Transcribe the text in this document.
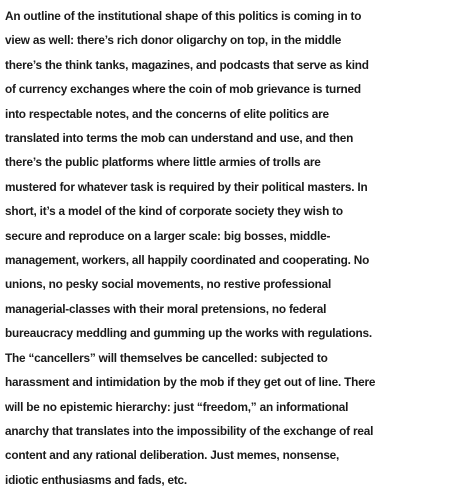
An outline of the institutional shape of this politics is coming in to
view as well: there’s rich donor oligarchy on top, in the middle
there’s the think tanks, magazines, and podcasts that serve as kind
of currency exchanges where the coin of mob grievance is turned
into respectable notes, and the concerns of elite politics are
translated into terms the mob can understand and use, and then
there’s the public platforms where little armies of trolls are
mustered for whatever task is required by their political masters. In
short, it’s a model of the kind of corporate society they wish to
secure and reproduce on a larger scale: big bosses, middle-
management, workers, all happily coordinated and cooperating. No
unions, no pesky social movements, no restive professional
managerial-classes with their moral pretensions, no federal
bureaucracy meddling and gumming up the works with regulations.
The “cancellers” will themselves be cancelled: subjected to
harassment and intimidation by the mob if they get out of line. There
will be no epistemic hierarchy: just “freedom,” an informational
anarchy that translates into the impossibility of the exchange of real
content and any rational deliberation. Just memes, nonsense,
idiotic enthusiasms and fads, etc.
